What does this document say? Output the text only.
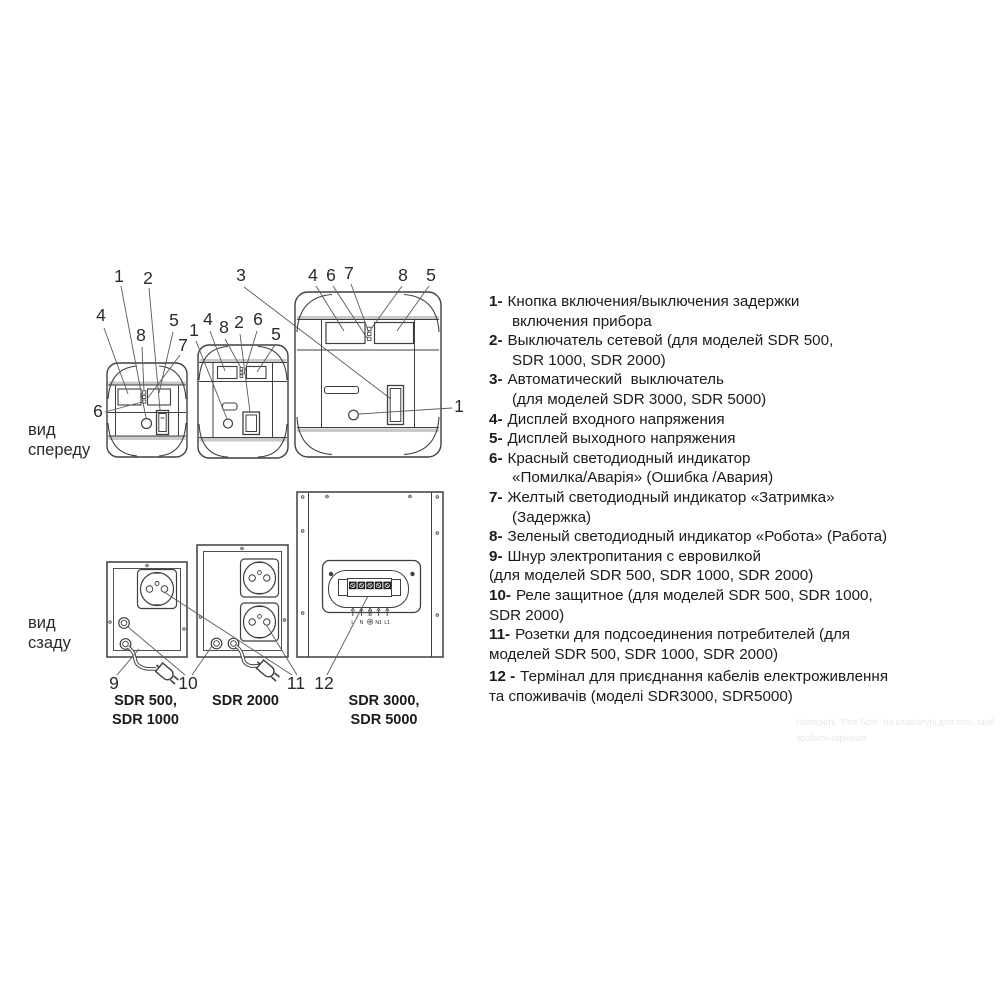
1 2
4
8
5
7
6
1
4 8 2 6
5
3	4 6 7	8 5
1
L N N1 L1
9	10	11 12
вид
спереду
вид
сзаду
SDR 500,
SDR 1000
SDR 2000	SDR 3000,
SDR 5000
1- Кнопка включения/выключения задержки
включения прибора
2- Выключатель сетевой (для моделей SDR 500,
SDR 1000, SDR 2000)
3- Автоматический  выключатель
(для моделей SDR 3000, SDR 5000)
4- Дисплей входного напряжения
5- Дисплей выходного напряжения
6- Красный светодиодный индикатор
«Помилка/Аварія» (Ошибка /Авария)
7- Желтый светодиодный индикатор «Затримка»
(Задержка)
8- Зеленый светодиодный индикатор «Робота» (Работа)
9- Шнур электропитания с евровилкой
(для моделей SDR 500, SDR 1000, SDR 2000)
10- Реле защитное (для моделей SDR 500, SDR 1000,
SDR 2000)
11- Розетки для подсоединения потребителей (для
моделей SDR 500, SDR 1000, SDR 2000)
12 - Термінал для приєднання кабелів електроживлення
та споживачів (моделі SDR3000, SDR5000)
Натисніть "Prnt Scrn" на клавіатурі для того, щоб
зробити скріншот
